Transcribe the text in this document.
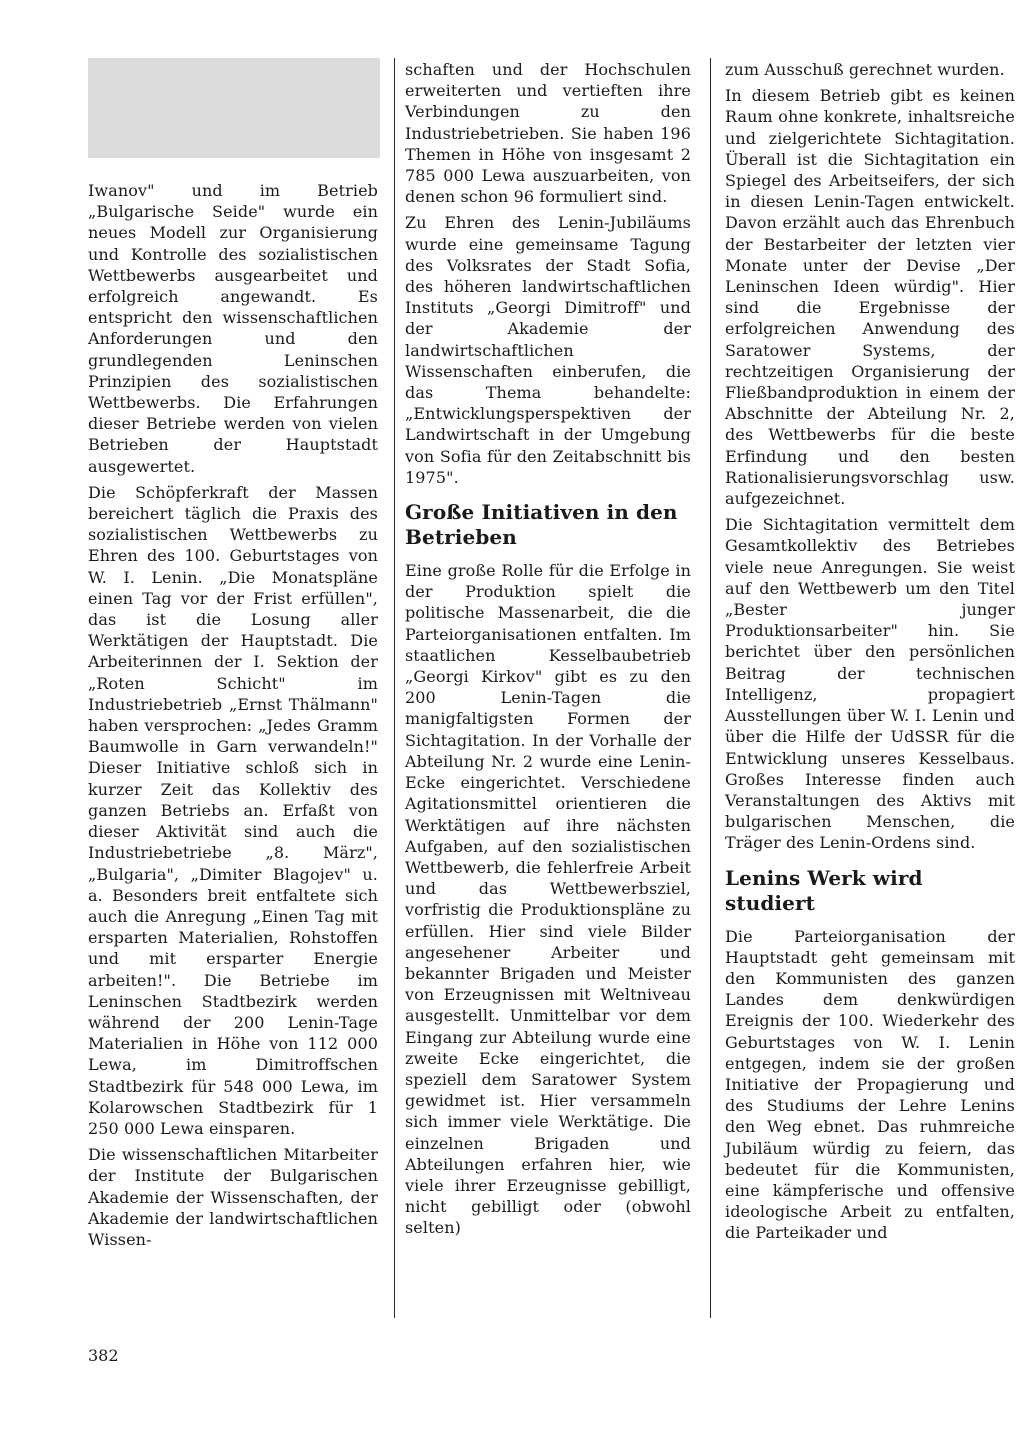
Iwanov" und im Betrieb „Bulgarische Seide" wurde ein neues Modell zur Organisierung und Kontrolle des sozialistischen Wettbewerbs ausgearbeitet und erfolgreich angewandt. Es entspricht den wissenschaftlichen Anforderungen und den grundlegenden Leninschen Prinzipien des sozialistischen Wettbewerbs. Die Erfahrungen dieser Betriebe werden von vielen Betrieben der Hauptstadt ausgewertet.

Die Schöpferkraft der Massen bereichert täglich die Praxis des sozialistischen Wettbewerbs zu Ehren des 100. Geburtstages von W. I. Lenin. „Die Monatspläne einen Tag vor der Frist erfüllen", das ist die Losung aller Werktätigen der Hauptstadt. Die Arbeiterinnen der I. Sektion der „Roten Schicht" im Industriebetrieb „Ernst Thälmann" haben versprochen: „Jedes Gramm Baumwolle in Garn verwandeln!" Dieser Initiative schloß sich in kurzer Zeit das Kollektiv des ganzen Betriebs an. Erfaßt von dieser Aktivität sind auch die Industriebetriebe „8. März", „Bulgaria", „Dimiter Blagojev" u. a. Besonders breit entfaltete sich auch die Anregung „Einen Tag mit ersparten Materialien, Rohstoffen und mit ersparter Energie arbeiten!". Die Betriebe im Leninschen Stadtbezirk werden während der 200 Lenin-Tage Materialien in Höhe von 112 000 Lewa, im Dimitroffschen Stadtbezirk für 548 000 Lewa, im Kolarowschen Stadtbezirk für 1 250 000 Lewa einsparen.

Die wissenschaftlichen Mitarbeiter der Institute der Bulgarischen Akademie der Wissenschaften, der Akademie der landwirtschaftlichen Wissen-

schaften und der Hochschulen erweiterten und vertieften ihre Verbindungen zu den Industriebetrieben. Sie haben 196 Themen in Höhe von insgesamt 2 785 000 Lewa auszuarbeiten, von denen schon 96 formuliert sind.

Zu Ehren des Lenin-Jubiläums wurde eine gemeinsame Tagung des Volksrates der Stadt Sofia, des höheren landwirtschaftlichen Instituts „Georgi Dimitroff" und der Akademie der landwirtschaftlichen Wissenschaften einberufen, die das Thema behandelte: „Entwicklungsperspektiven der Landwirtschaft in der Umgebung von Sofia für den Zeitabschnitt bis 1975".

Große Initiativen in den Betrieben

Eine große Rolle für die Erfolge in der Produktion spielt die politische Massenarbeit, die die Parteiorganisationen entfalten. Im staatlichen Kesselbaubetrieb „Georgi Kirkov" gibt es zu den 200 Lenin-Tagen die manigfaltigsten Formen der Sichtagitation. In der Vorhalle der Abteilung Nr. 2 wurde eine Lenin-Ecke eingerichtet. Verschiedene Agitationsmittel orientieren die Werktätigen auf ihre nächsten Aufgaben, auf den sozialistischen Wettbewerb, die fehlerfreie Arbeit und das Wettbewerbsziel, vorfristig die Produktionspläne zu erfüllen. Hier sind viele Bilder angesehener Arbeiter und bekannter Brigaden und Meister von Erzeugnissen mit Weltniveau ausgestellt. Unmittelbar vor dem Eingang zur Abteilung wurde eine zweite Ecke eingerichtet, die speziell dem Saratower System gewidmet ist. Hier versammeln sich immer viele Werktätige. Die einzelnen Brigaden und Abteilungen erfahren hier, wie viele ihrer Erzeugnisse gebilligt, nicht gebilligt oder (obwohl selten)

zum Ausschuß gerechnet wurden.

In diesem Betrieb gibt es keinen Raum ohne konkrete, inhaltsreiche und zielgerichtete Sichtagitation. Überall ist die Sichtagitation ein Spiegel des Arbeitseifers, der sich in diesen Lenin-Tagen entwickelt. Davon erzählt auch das Ehrenbuch der Bestarbeiter der letzten vier Monate unter der Devise „Der Leninschen Ideen würdig". Hier sind die Ergebnisse der erfolgreichen Anwendung des Saratower Systems, der rechtzeitigen Organisierung der Fließbandproduktion in einem der Abschnitte der Abteilung Nr. 2, des Wettbewerbs für die beste Erfindung und den besten Rationalisierungsvorschlag usw. aufgezeichnet.

Die Sichtagitation vermittelt dem Gesamtkollektiv des Betriebes viele neue Anregungen. Sie weist auf den Wettbewerb um den Titel „Bester junger Produktionsarbeiter" hin. Sie berichtet über den persönlichen Beitrag der technischen Intelligenz, propagiert Ausstellungen über W. I. Lenin und über die Hilfe der UdSSR für die Entwicklung unseres Kesselbaus. Großes Interesse finden auch Veranstaltungen des Aktivs mit bulgarischen Menschen, die Träger des Lenin-Ordens sind.

Lenins Werk wird studiert

Die Parteiorganisation der Hauptstadt geht gemeinsam mit den Kommunisten des ganzen Landes dem denkwürdigen Ereignis der 100. Wiederkehr des Geburtstages von W. I. Lenin entgegen, indem sie der großen Initiative der Propagierung und des Studiums der Lehre Lenins den Weg ebnet. Das ruhmreiche Jubiläum würdig zu feiern, das bedeutet für die Kommunisten, eine kämpferische und offensive ideologische Arbeit zu entfalten, die Parteikader und

382
